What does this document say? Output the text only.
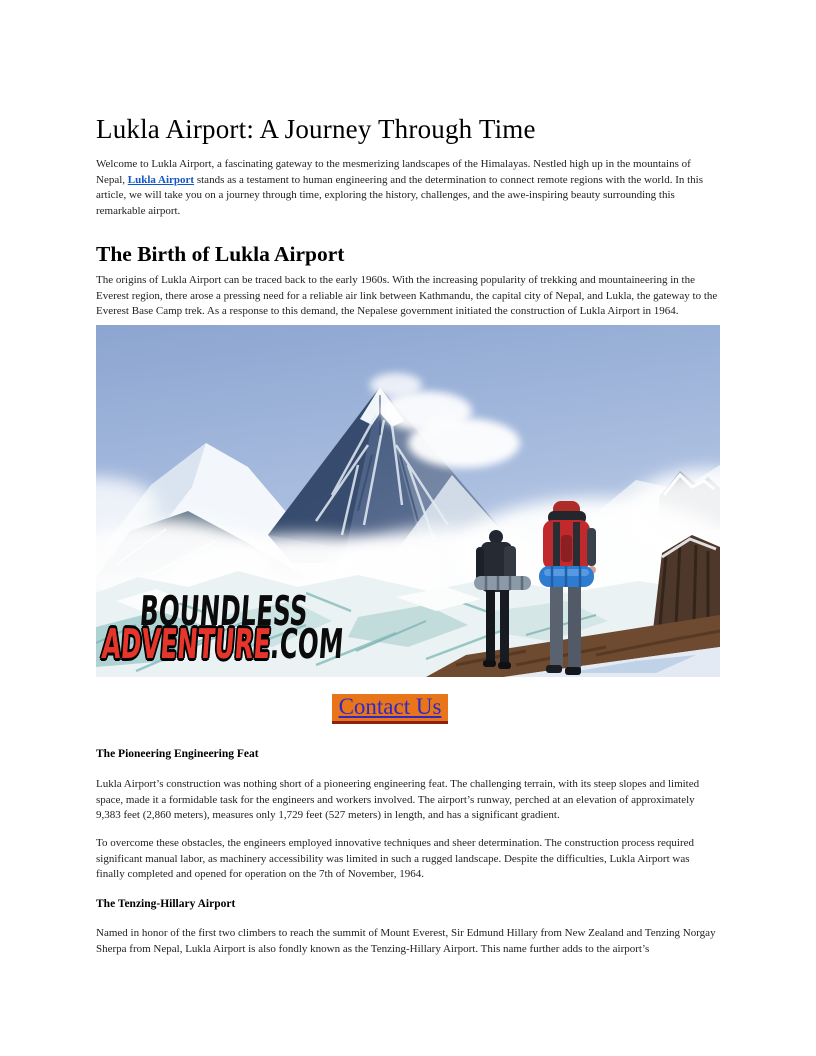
Lukla Airport: A Journey Through Time

Welcome to Lukla Airport, a fascinating gateway to the mesmerizing landscapes of the Himalayas. Nestled high up in the mountains of Nepal, Lukla Airport stands as a testament to human engineering and the determination to connect remote regions with the world. In this article, we will take you on a journey through time, exploring the history, challenges, and the awe-inspiring beauty surrounding this remarkable airport.

The Birth of Lukla Airport

The origins of Lukla Airport can be traced back to the early 1960s. With the increasing popularity of trekking and mountaineering in the Everest region, there arose a pressing need for a reliable air link between Kathmandu, the capital city of Nepal, and Lukla, the gateway to the Everest Base Camp trek. As a response to this demand, the Nepalese government initiated the construction of Lukla Airport in 1964.

BOUNDLESS
ADVENTURE.COM
Contact Us
The Pioneering Engineering Feat

Lukla Airport’s construction was nothing short of a pioneering engineering feat. The challenging terrain, with its steep slopes and limited space, made it a formidable task for the engineers and workers involved. The airport’s runway, perched at an elevation of approximately 9,383 feet (2,860 meters), measures only 1,729 feet (527 meters) in length, and has a significant gradient.

To overcome these obstacles, the engineers employed innovative techniques and sheer determination. The construction process required significant manual labor, as machinery accessibility was limited in such a rugged landscape. Despite the difficulties, Lukla Airport was finally completed and opened for operation on the 7th of November, 1964.

The Tenzing-Hillary Airport

Named in honor of the first two climbers to reach the summit of Mount Everest, Sir Edmund Hillary from New Zealand and Tenzing Norgay Sherpa from Nepal, Lukla Airport is also fondly known as the Tenzing-Hillary Airport. This name further adds to the airport’s
